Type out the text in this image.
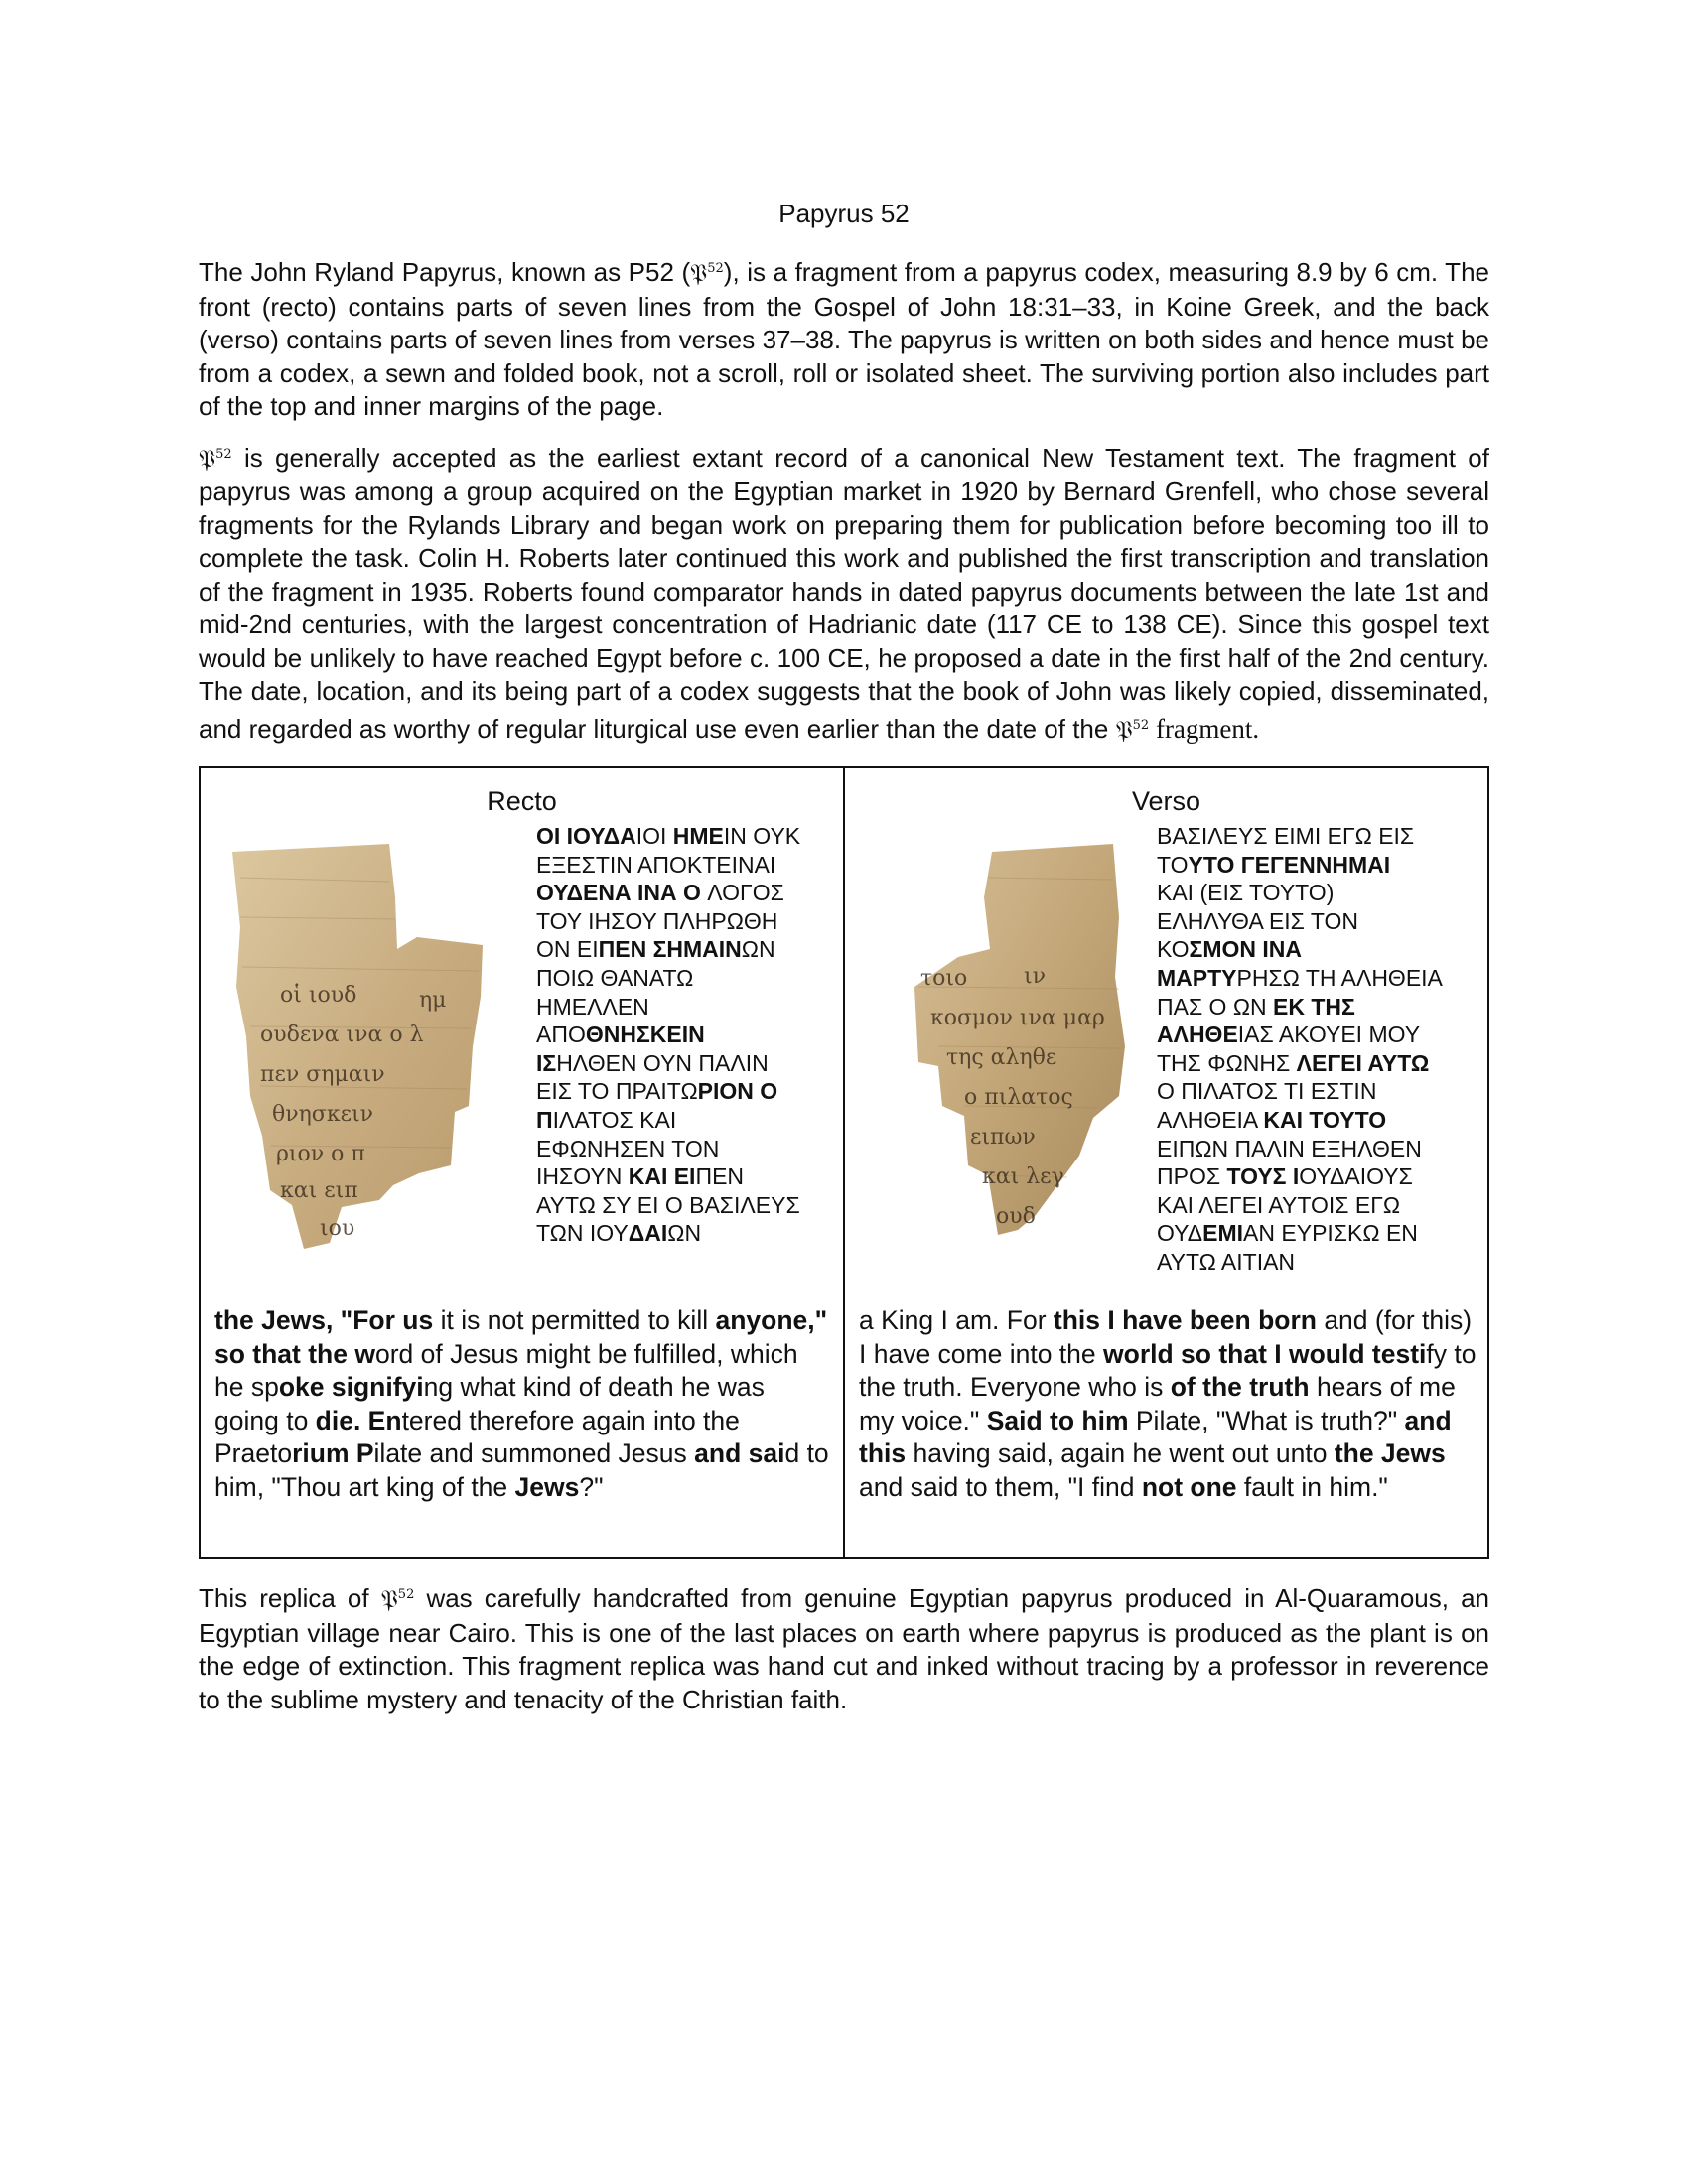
Papyrus 52

The John Ryland Papyrus, known as P52 (𝔓$^{52}$), is a fragment from a papyrus codex, measuring 8.9 by 6 cm. The front (recto) contains parts of seven lines from the Gospel of John 18:31–33, in Koine Greek, and the back (verso) contains parts of seven lines from verses 37–38. The papyrus is written on both sides and hence must be from a codex, a sewn and folded book, not a scroll, roll or isolated sheet. The surviving portion also includes part of the top and inner margins of the page.

𝔓$^{52}$ is generally accepted as the earliest extant record of a canonical New Testament text. The fragment of papyrus was among a group acquired on the Egyptian market in 1920 by Bernard Grenfell, who chose several fragments for the Rylands Library and began work on preparing them for publication before becoming too ill to complete the task. Colin H. Roberts later continued this work and published the first transcription and translation of the fragment in 1935. Roberts found comparator hands in dated papyrus documents between the late 1st and mid-2nd centuries, with the largest concentration of Hadrianic date (117 CE to 138 CE). Since this gospel text would be unlikely to have reached Egypt before c. 100 CE, he proposed a date in the first half of the 2nd century. The date, location, and its being part of a codex suggests that the book of John was likely copied, disseminated, and regarded as worthy of regular liturgical use even earlier than the date of the 𝔓$^{52}$ fragment.

Recto
οἱ ιουδ	ημ
ουδενα ινα ο λ
πεν σημαιν
θνησκειν
ριον ο π
και ειπ
ιου
ΟΙ ΙΟΥΔΑΙΟΙ ΗΜΕΙΝ ΟΥΚ
ΕΞΕΣΤΙΝ ΑΠΟΚΤΕΙΝΑΙ
ΟΥΔΕΝΑ ΙΝΑ Ο ΛΟΓΟΣ
ΤΟΥ ΙΗΣΟΥ ΠΛΗΡΩΘΗ
ΟΝ ΕΙΠΕΝ ΣΗΜΑΙΝΩΝ
ΠΟΙΩ ΘΑΝΑΤΩ
ΗΜΕΛΛΕΝ
ΑΠΟΘΝΗΣΚΕΙΝ
ΙΣΗΛΘΕΝ ΟΥΝ ΠΑΛΙΝ
ΕΙΣ ΤΟ ΠΡΑΙΤΩΡΙΟΝ Ο
ΠΙΛΑΤΟΣ ΚΑΙ
ΕΦΩΝΗΣΕΝ ΤΟΝ
ΙΗΣΟΥΝ ΚΑΙ ΕΙΠΕΝ
ΑΥΤΩ ΣΥ ΕΙ Ο ΒΑΣΙΛΕΥΣ
ΤΩΝ ΙΟΥΔΑΙΩΝ
the Jews, "For us it is not permitted to kill anyone," so that the word of Jesus might be fulfilled, which he spoke signifying what kind of death he was going to die. Entered therefore again into the Praetorium Pilate and summoned Jesus and said to him, "Thou art king of the Jews?"
Verso
τοιο	ιν
κοσμον ινα μαρ
της αληθε
ο πιλατος
ειπων
και λεγ
ουδ
ΒΑΣΙΛΕΥΣ ΕΙΜΙ ΕΓΩ ΕΙΣ
ΤΟΥΤΟ ΓΕΓΕΝΝΗΜΑΙ
ΚΑΙ (ΕΙΣ ΤΟΥΤΟ)
ΕΛΗΛΥΘΑ ΕΙΣ ΤΟΝ
ΚΟΣΜΟΝ ΙΝΑ
ΜΑΡΤΥΡΗΣΩ ΤΗ ΑΛΗΘΕΙΑ
ΠΑΣ Ο ΩΝ ΕΚ ΤΗΣ
ΑΛΗΘΕΙΑΣ ΑΚΟΥΕΙ ΜΟΥ
ΤΗΣ ΦΩΝΗΣ ΛΕΓΕΙ ΑΥΤΩ
Ο ΠΙΛΑΤΟΣ ΤΙ ΕΣΤΙΝ
ΑΛΗΘΕΙΑ ΚΑΙ ΤΟΥΤΟ
ΕΙΠΩΝ ΠΑΛΙΝ ΕΞΗΛΘΕΝ
ΠΡΟΣ ΤΟΥΣ ΙΟΥΔΑΙΟΥΣ
ΚΑΙ ΛΕΓΕΙ ΑΥΤΟΙΣ ΕΓΩ
ΟΥΔΕΜΙΑΝ ΕΥΡΙΣΚΩ ΕΝ
ΑΥΤΩ ΑΙΤΙΑΝ
a King I am. For this I have been born and (for this) I have come into the world so that I would testify to the truth. Everyone who is of the truth hears of me my voice." Said to him Pilate, "What is truth?" and this having said, again he went out unto the Jews and said to them, "I find not one fault in him."

This replica of 𝔓$^{52}$ was carefully handcrafted from genuine Egyptian papyrus produced in Al-Quaramous, an Egyptian village near Cairo. This is one of the last places on earth where papyrus is produced as the plant is on the edge of extinction. This fragment replica was hand cut and inked without tracing by a professor in reverence to the sublime mystery and tenacity of the Christian faith.
